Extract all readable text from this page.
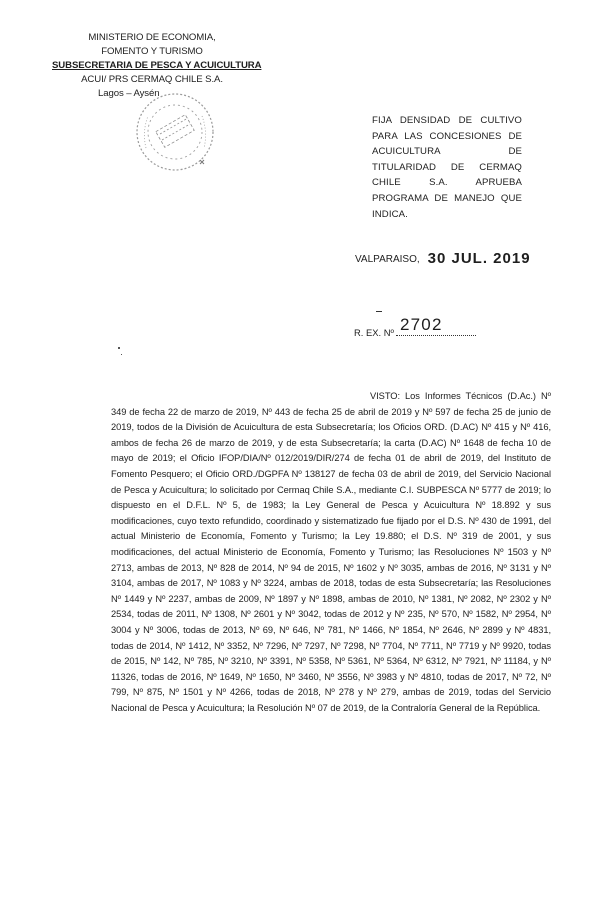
MINISTERIO DE ECONOMIA,
FOMENTO Y TURISMO
SUBSECRETARIA DE PESCA Y ACUICULTURA
ACUI/ PRS CERMAQ CHILE S.A.
Lagos – Aysén
FIJA DENSIDAD DE CULTIVO PARA LAS CONCESIONES DE ACUICULTURA DE TITULARIDAD DE CERMAQ CHILE S.A. APRUEBA PROGRAMA DE MANEJO QUE INDICA.
VALPARAISO, 30 JUL. 2019
R. EX. Nº 2702
VISTO: Los Informes Técnicos (D.Ac.) Nº 349 de fecha 22 de marzo de 2019, Nº 443 de fecha 25 de abril de 2019 y Nº 597 de fecha 25 de junio de 2019, todos de la División de Acuicultura de esta Subsecretaría; los Oficios ORD. (D.AC) Nº 415 y Nº 416, ambos de fecha 26 de marzo de 2019, y de esta Subsecretaría; la carta (D.AC) Nº 1648 de fecha 10 de mayo de 2019; el Oficio IFOP/DIA/Nº 012/2019/DIR/274 de fecha 01 de abril de 2019, del Instituto de Fomento Pesquero; el Oficio ORD./DGPFA Nº 138127 de fecha 03 de abril de 2019, del Servicio Nacional de Pesca y Acuicultura; lo solicitado por Cermaq Chile S.A., mediante C.I. SUBPESCA Nº 5777 de 2019; lo dispuesto en el D.F.L. Nº 5, de 1983; la Ley General de Pesca y Acuicultura Nº 18.892 y sus modificaciones, cuyo texto refundido, coordinado y sistematizado fue fijado por el D.S. Nº 430 de 1991, del actual Ministerio de Economía, Fomento y Turismo; la Ley 19.880; el D.S. Nº 319 de 2001, y sus modificaciones, del actual Ministerio de Economía, Fomento y Turismo; las Resoluciones Nº 1503 y Nº 2713, ambas de 2013, Nº 828 de 2014, Nº 94 de 2015, Nº 1602 y Nº 3035, ambas de 2016, Nº 3131 y Nº 3104, ambas de 2017, Nº 1083 y Nº 3224, ambas de 2018, todas de esta Subsecretaría; las Resoluciones Nº 1449 y Nº 2237, ambas de 2009, Nº 1897 y Nº 1898, ambas de 2010, Nº 1381, Nº 2082, Nº 2302 y Nº 2534, todas de 2011, Nº 1308, Nº 2601 y Nº 3042, todas de 2012 y Nº 235, Nº 570, Nº 1582, Nº 2954, Nº 3004 y Nº 3006, todas de 2013, Nº 69, Nº 646, Nº 781, Nº 1466, Nº 1854, Nº 2646, Nº 2899 y Nº 4831, todas de 2014, Nº 1412, Nº 3352, Nº 7296, Nº 7297, Nº 7298, Nº 7704, Nº 7711, Nº 7719 y Nº 9920, todas de 2015, Nº 142, Nº 785, Nº 3210, Nº 3391, Nº 5358, Nº 5361, Nº 5364, Nº 6312, Nº 7921, Nº 11184, y Nº 11326, todas de 2016, Nº 1649, Nº 1650, Nº 3460, Nº 3556, Nº 3983 y Nº 4810, todas de 2017, Nº 72, Nº 799, Nº 875, Nº 1501 y Nº 4266, todas de 2018, Nº 278 y Nº 279, ambas de 2019, todas del Servicio Nacional de Pesca y Acuicultura; la Resolución Nº 07 de 2019, de la Contraloría General de la República.
